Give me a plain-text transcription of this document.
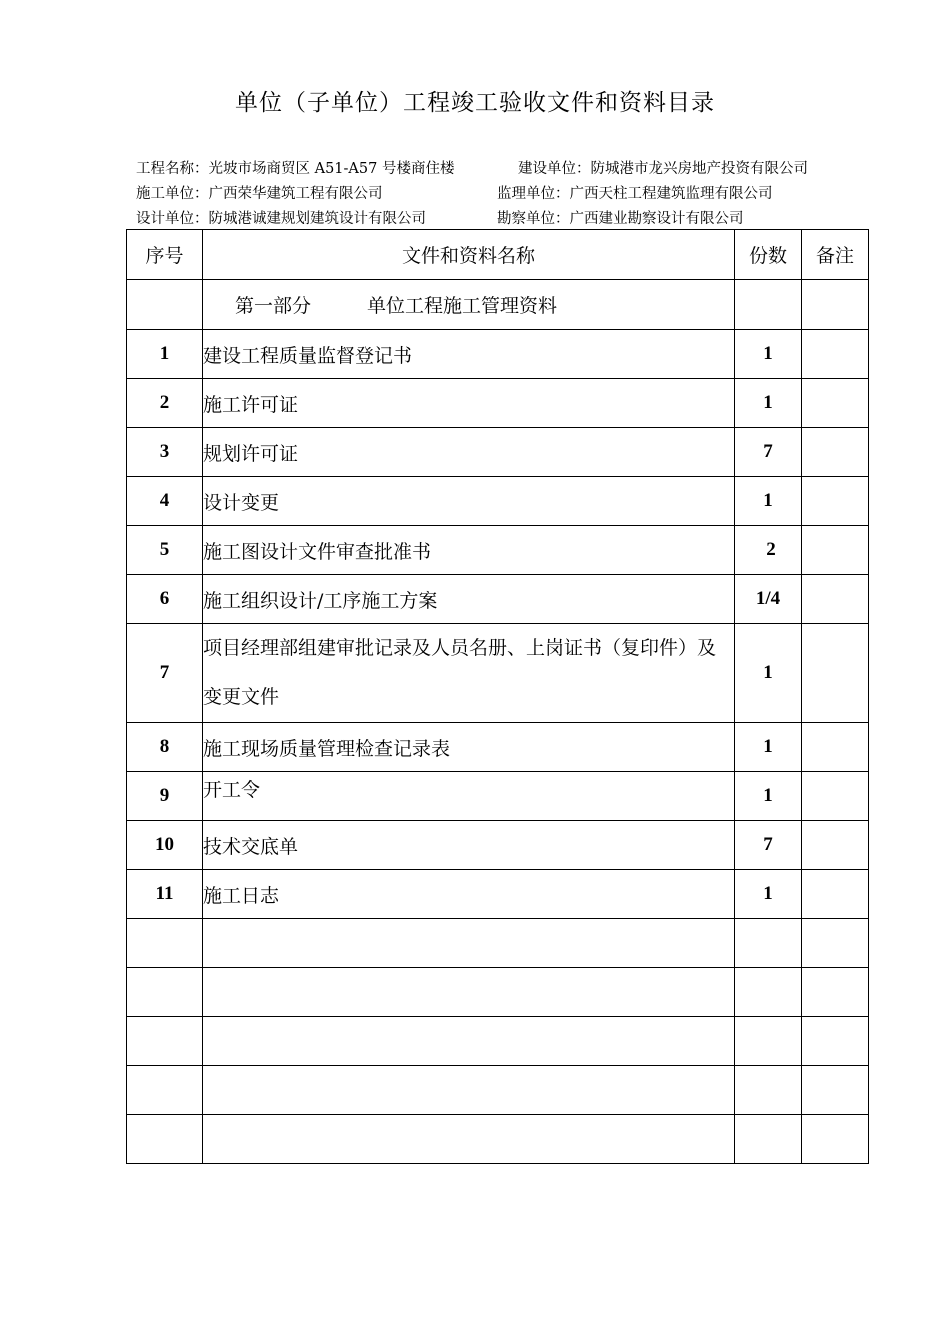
单位（子单位）工程竣工验收文件和资料目录
工程名称：光坡市场商贸区 A51-A57 号楼商住楼	建设单位：防城港市龙兴房地产投资有限公司
施工单位：广西荣华建筑工程有限公司	监理单位：广西天柱工程建筑监理有限公司
设计单位：防城港诚建规划建筑设计有限公司	勘察单位：广西建业勘察设计有限公司
序号	文件和资料名称	份数	备注
	第一部分 单位工程施工管理资料		
1	建设工程质量监督登记书	1	
2	施工许可证	1	
3	规划许可证	7	
4	设计变更	1	
5	施工图设计文件审查批准书	2	
6	施工组织设计/工序施工方案	1/4	
7	项目经理部组建审批记录及人员名册、上岗证书（复印件）及变更文件	1	
8	施工现场质量管理检查记录表	1	
9	开工令	1	
10	技术交底单	7	
11	施工日志	1	
